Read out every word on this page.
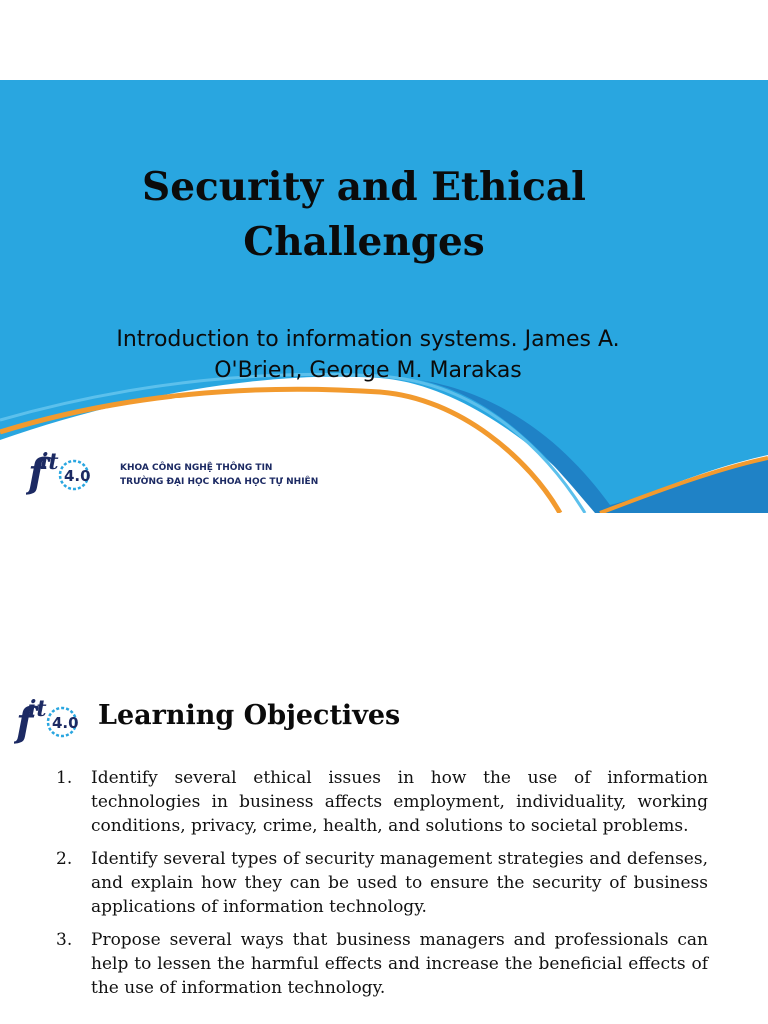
Security and Ethical
Challenges
Introduction to information systems. James A.
O'Brien, George M. Marakas
f
it
4.0	KHOA CÔNG NGHỆ THÔNG TIN
TRƯỜNG ĐẠI HỌC KHOA HỌC TỰ NHIÊN
f
it
4.0 Learning Objectives
1. Identify several ethical issues in how the use of information technologies in business affects employment, individuality, working conditions, privacy, crime, health, and solutions to societal problems.
2. Identify several types of security management strategies and defenses, and explain how they can be used to ensure the security of business applications of information technology.
3. Propose several ways that business managers and professionals can help to lessen the harmful effects and increase the beneficial effects of the use of information technology.
